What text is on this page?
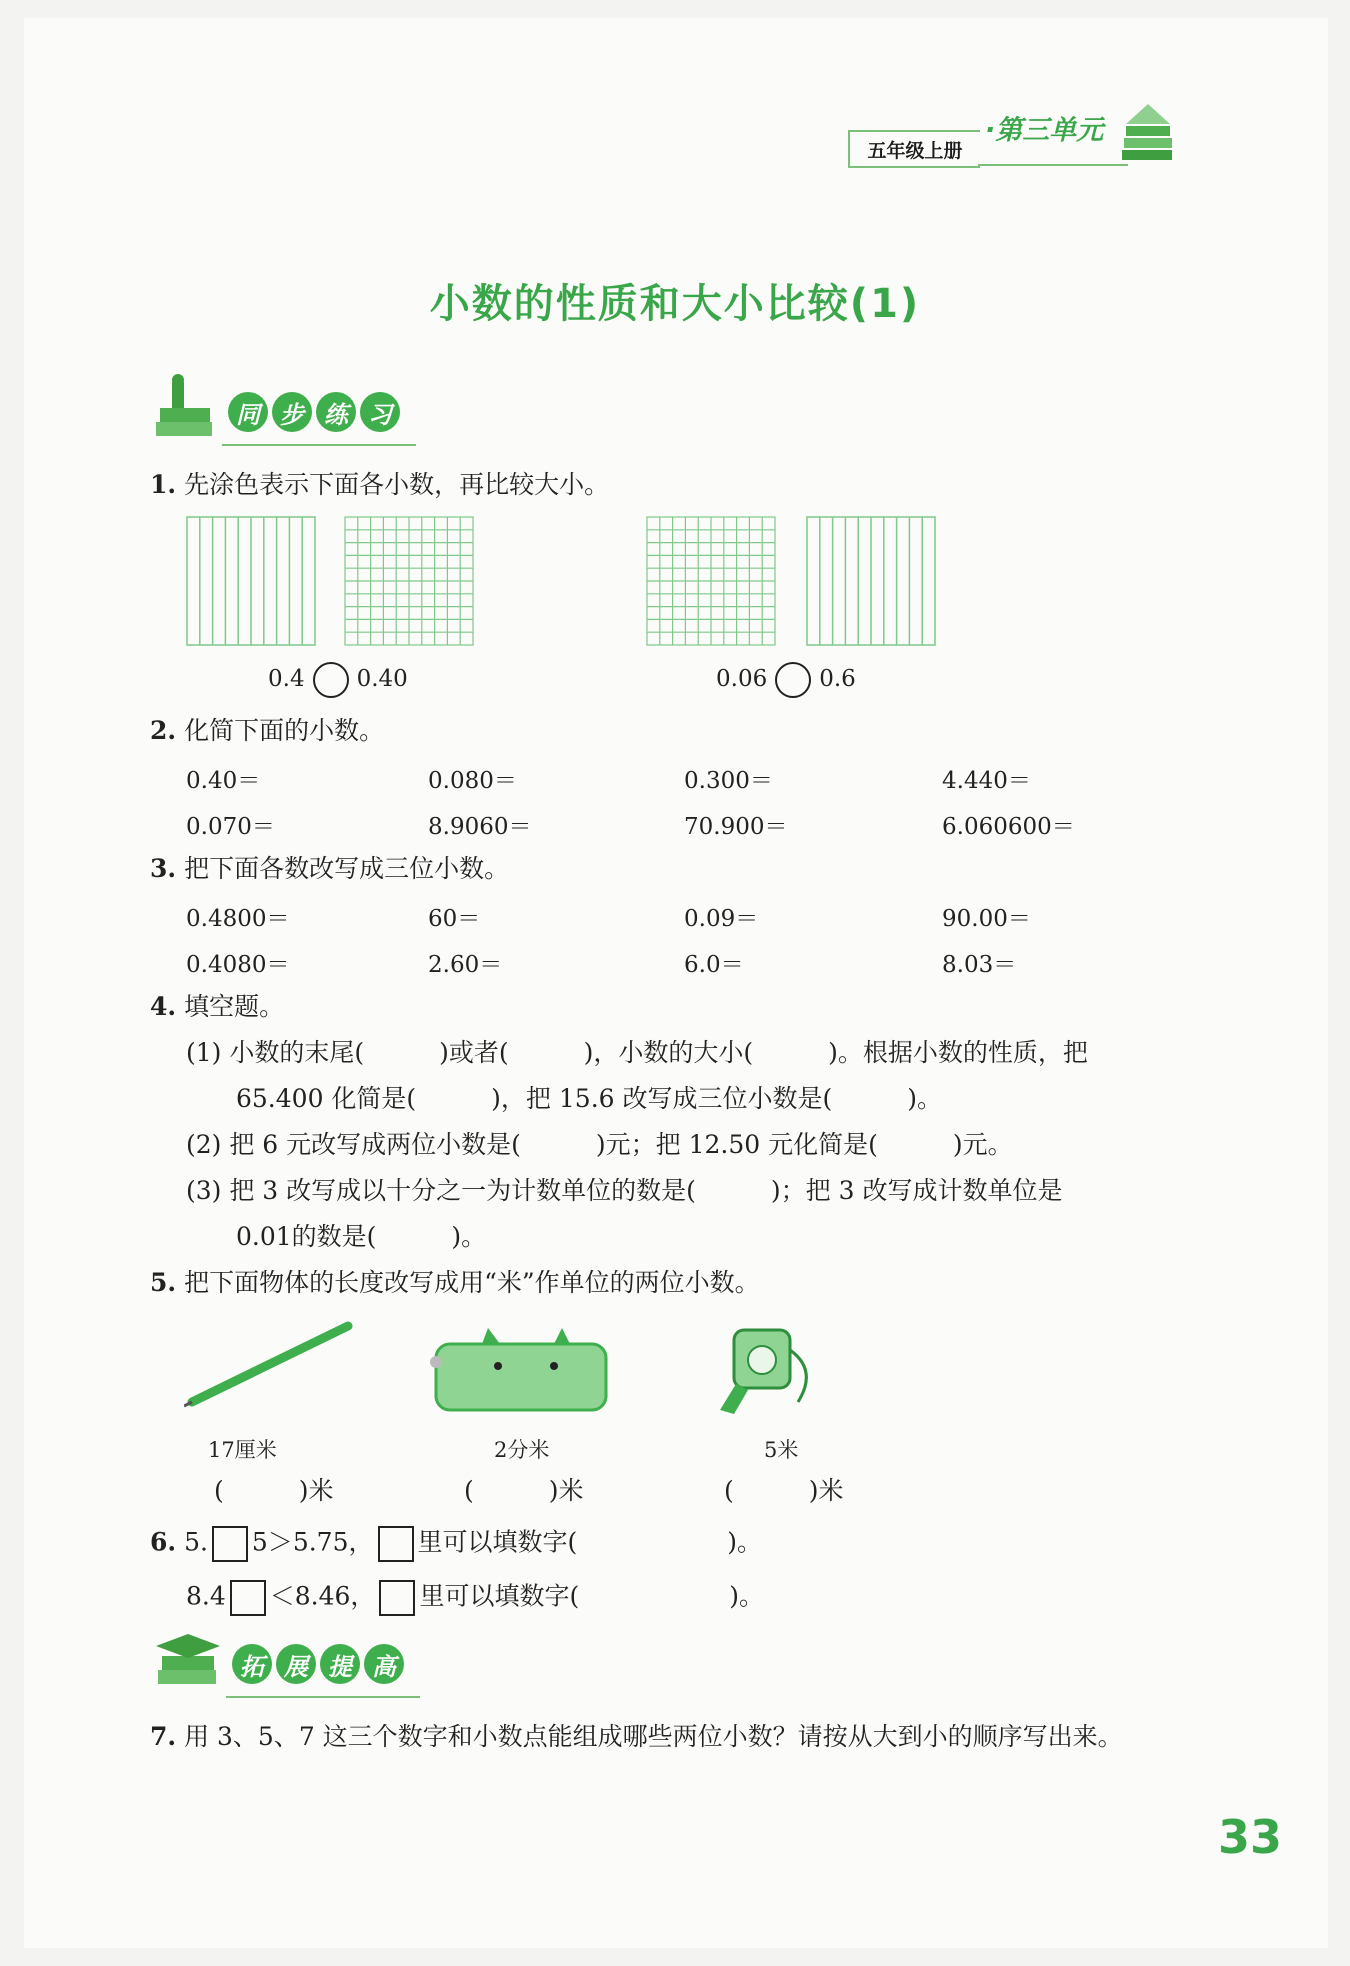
五年级上册
·第三单元
小数的性质和大小比较(1)
同 步 练 习
1. 先涂色表示下面各小数，再比较大小。
0.4 0.40	0.06 0.6
2. 化简下面的小数。
0.40＝	0.080＝	0.300＝	4.440＝
0.070＝	8.9060＝	70.900＝	6.060600＝
3. 把下面各数改写成三位小数。
0.4800＝	60＝	0.09＝	90.00＝
0.4080＝	2.60＝	6.0＝	8.03＝
4. 填空题。
(1) 小数的末尾(　　　)或者(　　　)，小数的大小(　　　)。根据小数的性质，把
65.400 化简是(　　　)，把 15.6 改写成三位小数是(　　　)。
(2) 把 6 元改写成两位小数是(　　　)元；把 12.50 元化简是(　　　)元。
(3) 把 3 改写成以十分之一为计数单位的数是(　　　)；把 3 改写成计数单位是
0.01的数是(　　　)。
5. 把下面物体的长度改写成用“米”作单位的两位小数。
17厘米	2分米	5米
(　　　)米	(　　　)米	(　　　)米
6. 5. 5＞5.75， 里可以填数字(　　　　　　)。
8.4 ＜8.46， 里可以填数字(　　　　　　)。
拓 展 提 高
7. 用 3、5、7 这三个数字和小数点能组成哪些两位小数？请按从大到小的顺序写出来。
33
